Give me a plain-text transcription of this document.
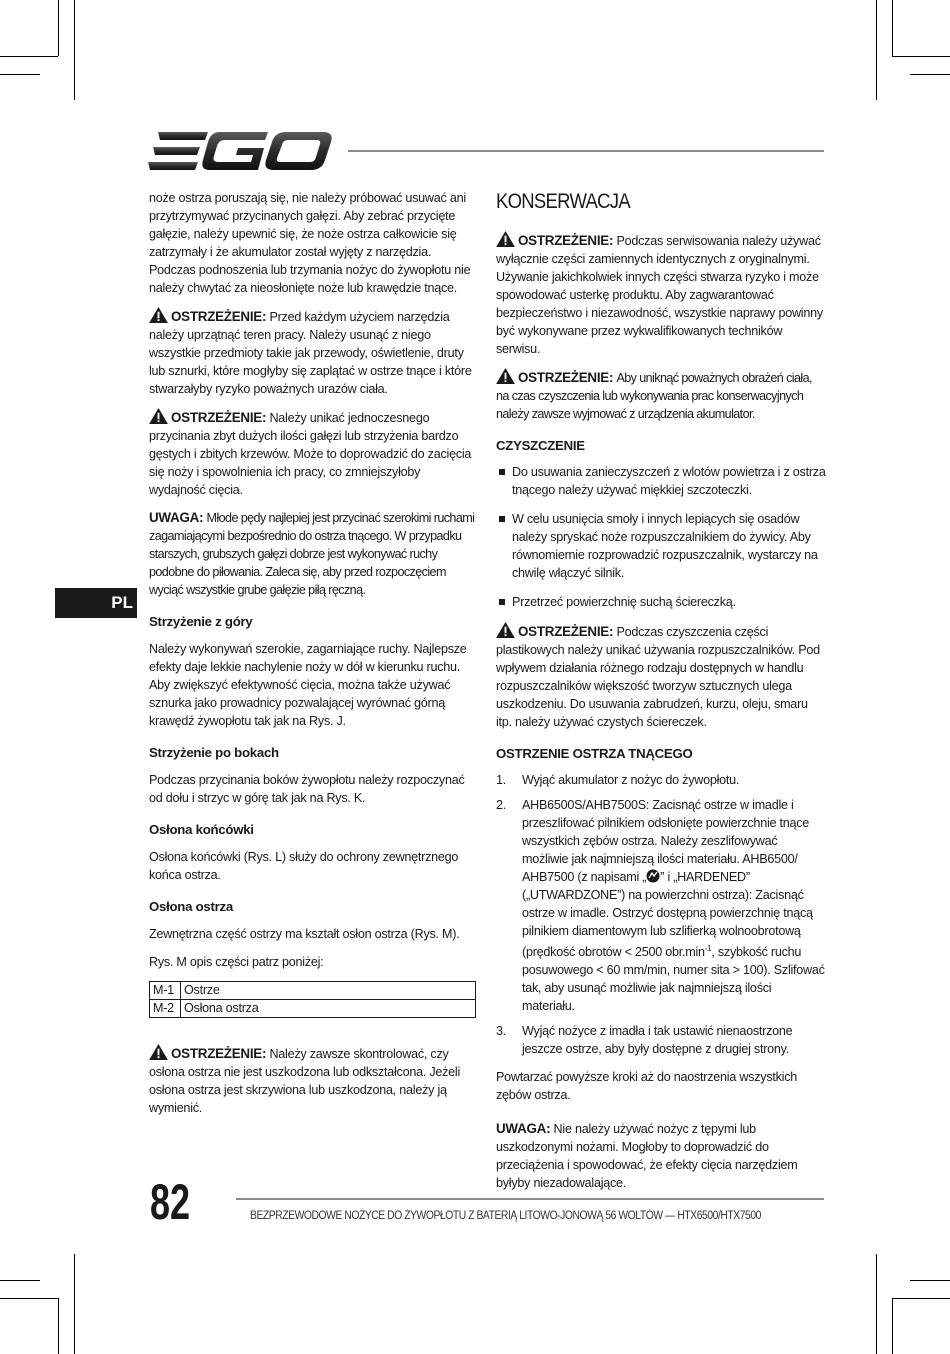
noże ostrza poruszają się, nie należy próbować usuwać ani przytrzymywać przycinanych gałęzi. Aby zebrać przycięte gałęzie, należy upewnić się, że noże ostrza całkowicie się zatrzymały i że akumulator został wyjęty z narzędzia. Podczas podnoszenia lub trzymania nożyc do żywopłotu nie należy chwytać za nieosłonięte noże lub krawędzie tnące.

OSTRZEŻENIE: Przed każdym użyciem narzędzia należy uprzątnąć teren pracy. Należy usunąć z niego wszystkie przedmioty takie jak przewody, oświetlenie, druty lub sznurki, które mogłyby się zaplątać w ostrze tnące i które stwarzałyby ryzyko poważnych urazów ciała.

OSTRZEŻENIE: Należy unikać jednoczesnego przycinania zbyt dużych ilości gałęzi lub strzyżenia bardzo gęstych i zbitych krzewów. Może to doprowadzić do zacięcia się noży i spowolnienia ich pracy, co zmniejszyłoby wydajność cięcia.

UWAGA: Młode pędy najlepiej jest przycinać szerokimi ruchami zagarniającymi bezpośrednio do ostrza tnącego. W przypadku starszych, grubszych gałęzi dobrze jest wykonywać ruchy podobne do piłowania. Zaleca się, aby przed rozpoczęciem wyciąć wszystkie grube gałęzie piłą ręczną.

Strzyżenie z góry

Należy wykonywań szerokie, zagarniające ruchy. Najlepsze efekty daje lekkie nachylenie noży w dół w kierunku ruchu. Aby zwiększyć efektywność cięcia, można także używać sznurka jako prowadnicy pozwalającej wyrównać górną krawędź żywopłotu tak jak na Rys. J.

Strzyżenie po bokach

Podczas przycinania boków żywopłotu należy rozpoczynać od dołu i strzyc w górę tak jak na Rys. K.

Osłona końcówki

Osłona końcówki (Rys. L) służy do ochrony zewnętrznego końca ostrza.

Osłona ostrza

Zewnętrzna część ostrzy ma kształt osłon ostrza (Rys. M).

Rys. M opis części patrz poniżej:

M-1	Ostrze
M-2	Osłona ostrza

OSTRZEŻENIE: Należy zawsze skontrolować, czy osłona ostrza nie jest uszkodzona lub odkształcona. Jeżeli osłona ostrza jest skrzywiona lub uszkodzona, należy ją wymienić.

PL
KONSERWACJA

OSTRZEŻENIE: Podczas serwisowania należy używać wyłącznie części zamiennych identycznych z oryginalnymi. Używanie jakichkolwiek innych części stwarza ryzyko i może spowodować usterkę produktu. Aby zagwarantować bezpieczeństwo i niezawodność, wszystkie naprawy powinny być wykonywane przez wykwalifikowanych techników serwisu.

OSTRZEŻENIE: Aby uniknąć poważnych obrażeń ciała, na czas czyszczenia lub wykonywania prac konserwacyjnych należy zawsze wyjmować z urządzenia akumulator.

CZYSZCZENIE
Do usuwania zanieczyszczeń z wlotów powietrza i z ostrza tnącego należy używać miękkiej szczoteczki.
W celu usunięcia smoły i innych lepiących się osadów należy spryskać noże rozpuszczalnikiem do żywicy. Aby równomiernie rozprowadzić rozpuszczalnik, wystarczy na chwilę włączyć silnik.
Przetrzeć powierzchnię suchą ściereczką.

OSTRZEŻENIE: Podczas czyszczenia części plastikowych należy unikać używania rozpuszczalników. Pod wpływem działania różnego rodzaju dostępnych w handlu rozpuszczalników większość tworzyw sztucznych ulega uszkodzeniu. Do usuwania zabrudzeń, kurzu, oleju, smaru itp. należy używać czystych ściereczek.

OSTRZENIE OSTRZA TNĄCEGO
1. Wyjąć akumulator z nożyc do żywopłotu.
2. AHB6500S/AHB7500S: Zacisnąć ostrze w imadle i przeszlifować pilnikiem odsłonięte powierzchnie tnące wszystkich zębów ostrza. Należy zeszlifowywać możliwie jak najmniejszą ilości materiału. AHB6500/ AHB7500 (z napisami „ ” i „HARDENED” („UTWARDZONE”) na powierzchni ostrza): Zacisnąć ostrze w imadle. Ostrzyć dostępną powierzchnię tnącą pilnikiem diamentowym lub szlifierką wolnoobrotową (prędkość obrotów < 2500 $obr.\min^{-1}$, szybkość ruchu posuwowego < 60 mm/min, numer sita > 100). Szlifować tak, aby usunąć możliwie jak najmniejszą ilości materiału.
3. Wyjąć nożyce z imadła i tak ustawić nienaostrzone jeszcze ostrze, aby były dostępne z drugiej strony.

Powtarzać powyższe kroki aż do naostrzenia wszystkich zębów ostrza.

UWAGA: Nie należy używać nożyc z tępymi lub uszkodzonymi nożami. Mogłoby to doprowadzić do przeciążenia i spowodować, że efekty cięcia narzędziem byłyby niezadowalające.

82	BEZPRZEWODOWE NOŻYCE DO ŻYWOPŁOTU Z BATERIĄ LITOWO-JONOWĄ 56 WOLTÓW — HTX6500/HTX7500
